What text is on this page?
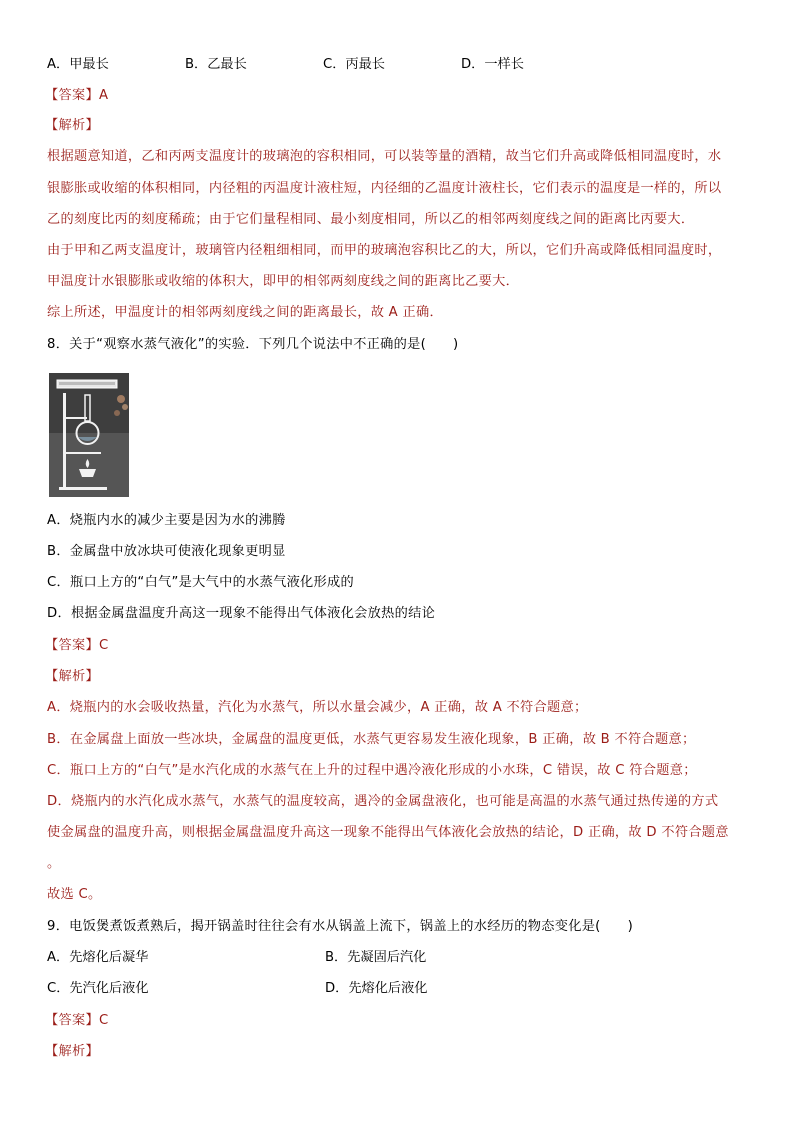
A．甲最长	B．乙最长	C．丙最长	D．一样长
【答案】A
【解析】
根据题意知道，乙和丙两支温度计的玻璃泡的容积相同，可以装等量的酒精，故当它们升高或降低相同温度时，水
银膨胀或收缩的体积相同，内径粗的丙温度计液柱短，内径细的乙温度计液柱长，它们表示的温度是一样的，所以
乙的刻度比丙的刻度稀疏；由于它们量程相同、最小刻度相同，所以乙的相邻两刻度线之间的距离比丙要大．
由于甲和乙两支温度计，玻璃管内径粗细相同，而甲的玻璃泡容积比乙的大，所以，它们升高或降低相同温度时，
甲温度计水银膨胀或收缩的体积大，即甲的相邻两刻度线之间的距离比乙要大．
综上所述，甲温度计的相邻两刻度线之间的距离最长，故 A 正确．
8．关于“观察水蒸气液化”的实验．下列几个说法中不正确的是(　　)
A．烧瓶内水的减少主要是因为水的沸腾
B．金属盘中放冰块可使液化现象更明显
C．瓶口上方的“白气”是大气中的水蒸气液化形成的
D．根据金属盘温度升高这一现象不能得出气体液化会放热的结论
【答案】C
【解析】
A．烧瓶内的水会吸收热量，汽化为水蒸气，所以水量会减少，A 正确，故 A 不符合题意；
B．在金属盘上面放一些冰块，金属盘的温度更低，水蒸气更容易发生液化现象，B 正确，故 B 不符合题意；
C．瓶口上方的“白气”是水汽化成的水蒸气在上升的过程中遇冷液化形成的小水珠，C 错误，故 C 符合题意；
D．烧瓶内的水汽化成水蒸气，水蒸气的温度较高，遇冷的金属盘液化，也可能是高温的水蒸气通过热传递的方式
使金属盘的温度升高，则根据金属盘温度升高这一现象不能得出气体液化会放热的结论，D 正确，故 D 不符合题意
。
故选 C。
9．电饭煲煮饭煮熟后，揭开锅盖时往往会有水从锅盖上流下，锅盖上的水经历的物态变化是(　　)
A．先熔化后凝华	B．先凝固后汽化
C．先汽化后液化	D．先熔化后液化
【答案】C
【解析】
